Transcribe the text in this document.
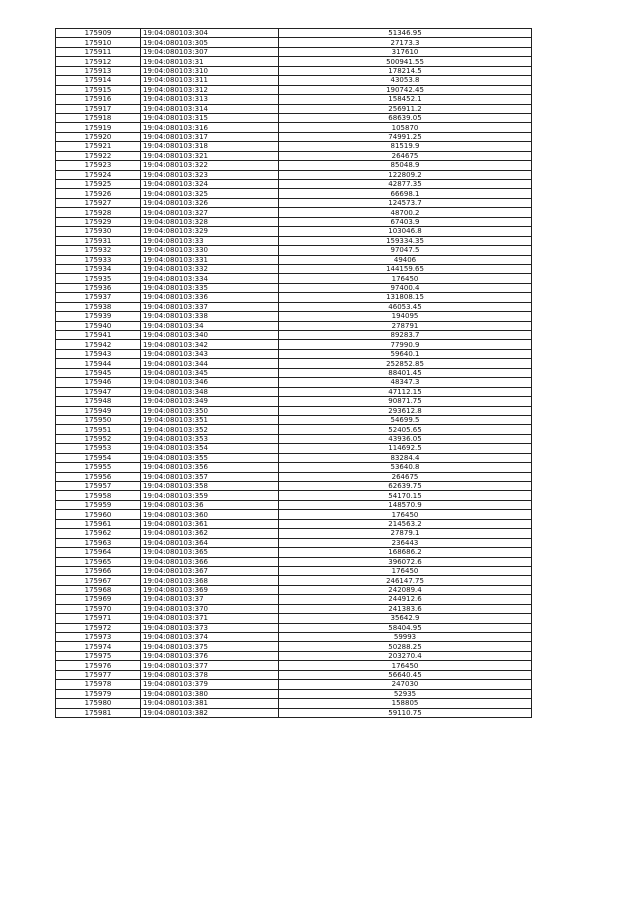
175909	19:04:080103:304	51346.95
175910	19:04:080103:305	27173.3
175911	19:04:080103:307	317610
175912	19:04:080103:31	500941.55
175913	19:04:080103:310	178214.5
175914	19:04:080103:311	43053.8
175915	19:04:080103:312	190742.45
175916	19:04:080103:313	158452.1
175917	19:04:080103:314	256911.2
175918	19:04:080103:315	68639.05
175919	19:04:080103:316	105870
175920	19:04:080103:317	74991.25
175921	19:04:080103:318	81519.9
175922	19:04:080103:321	264675
175923	19:04:080103:322	85048.9
175924	19:04:080103:323	122809.2
175925	19:04:080103:324	42877.35
175926	19:04:080103:325	66698.1
175927	19:04:080103:326	124573.7
175928	19:04:080103:327	48700.2
175929	19:04:080103:328	67403.9
175930	19:04:080103:329	103046.8
175931	19:04:080103:33	159334.35
175932	19:04:080103:330	97047.5
175933	19:04:080103:331	49406
175934	19:04:080103:332	144159.65
175935	19:04:080103:334	176450
175936	19:04:080103:335	97400.4
175937	19:04:080103:336	131808.15
175938	19:04:080103:337	46053.45
175939	19:04:080103:338	194095
175940	19:04:080103:34	278791
175941	19:04:080103:340	89283.7
175942	19:04:080103:342	77990.9
175943	19:04:080103:343	59640.1
175944	19:04:080103:344	252852.85
175945	19:04:080103:345	88401.45
175946	19:04:080103:346	48347.3
175947	19:04:080103:348	47112.15
175948	19:04:080103:349	90871.75
175949	19:04:080103:350	293612.8
175950	19:04:080103:351	54699.5
175951	19:04:080103:352	52405.65
175952	19:04:080103:353	43936.05
175953	19:04:080103:354	114692.5
175954	19:04:080103:355	83284.4
175955	19:04:080103:356	53640.8
175956	19:04:080103:357	264675
175957	19:04:080103:358	62639.75
175958	19:04:080103:359	54170.15
175959	19:04:080103:36	148570.9
175960	19:04:080103:360	176450
175961	19:04:080103:361	214563.2
175962	19:04:080103:362	27879.1
175963	19:04:080103:364	236443
175964	19:04:080103:365	168686.2
175965	19:04:080103:366	396072.6
175966	19:04:080103:367	176450
175967	19:04:080103:368	246147.75
175968	19:04:080103:369	242089.4
175969	19:04:080103:37	244912.6
175970	19:04:080103:370	241383.6
175971	19:04:080103:371	35642.9
175972	19:04:080103:373	58404.95
175973	19:04:080103:374	59993
175974	19:04:080103:375	50288.25
175975	19:04:080103:376	203270.4
175976	19:04:080103:377	176450
175977	19:04:080103:378	56640.45
175978	19:04:080103:379	247030
175979	19:04:080103:380	52935
175980	19:04:080103:381	158805
175981	19:04:080103:382	59110.75
